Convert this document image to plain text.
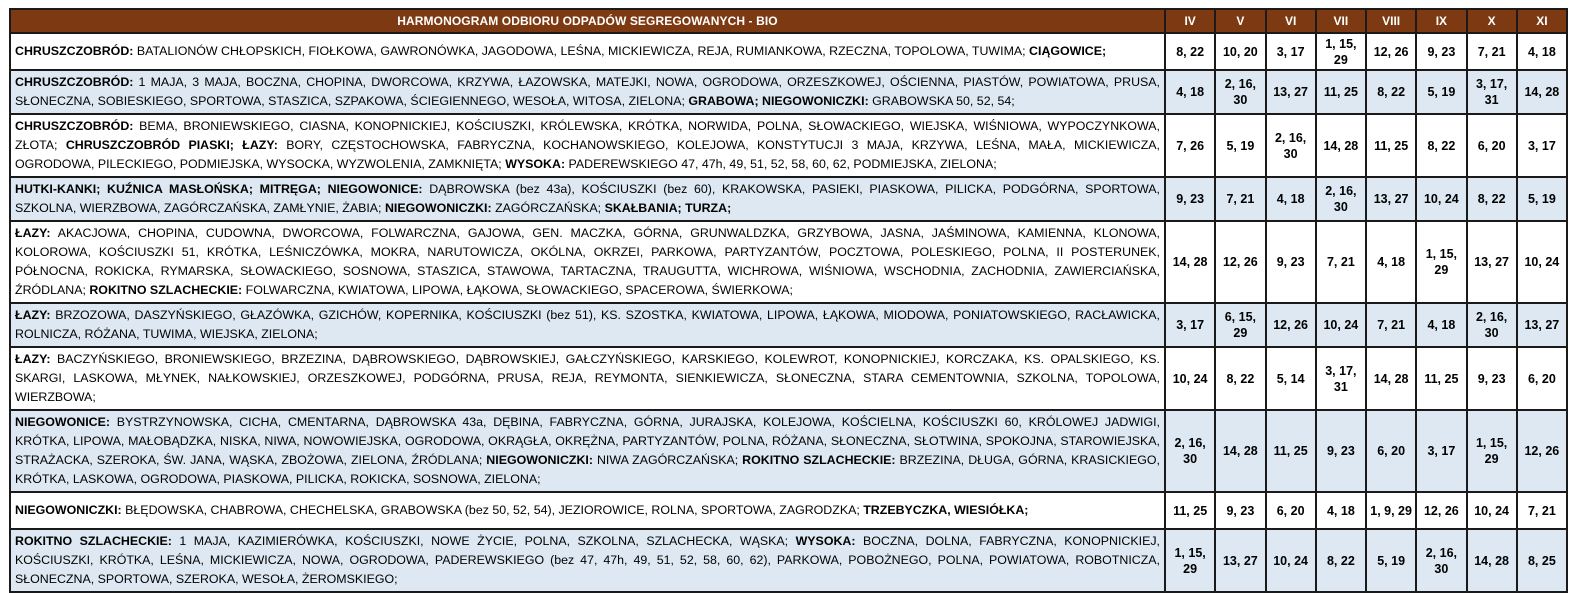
HARMONOGRAM ODBIORU ODPADÓW SEGREGOWANYCH - BIO	IV	V	VI	VII	VIII	IX	X	XI
CHRUSZCZOBRÓD: BATALIONÓW CHŁOPSKICH, FIOŁKOWA, GAWRONÓWKA, JAGODOWA, LEŚNA, MICKIEWICZA, REJA, RUMIANKOWA, RZECZNA, TOPOLOWA, TUWIMA; CIĄGOWICE;	8, 22	10, 20	3, 17	1, 15, 29	12, 26	9, 23	7, 21	4, 18
CHRUSZCZOBRÓD: 1 MAJA, 3 MAJA, BOCZNA, CHOPINA, DWORCOWA, KRZYWA, ŁAZOWSKA, MATEJKI, NOWA, OGRODOWA, ORZESZKOWEJ, OŚCIENNA, PIASTÓW, POWIATOWA, PRUSA, SŁONECZNA, SOBIESKIEGO, SPORTOWA, STASZICA, SZPAKOWA, ŚCIEGIENNEGO, WESOŁA, WITOSA, ZIELONA; GRABOWA; NIEGOWONICZKI: GRABOWSKA 50, 52, 54;	4, 18	2, 16, 30	13, 27	11, 25	8, 22	5, 19	3, 17, 31	14, 28
CHRUSZCZOBRÓD: BEMA, BRONIEWSKIEGO, CIASNA, KONOPNICKIEJ, KOŚCIUSZKI, KRÓLEWSKA, KRÓTKA, NORWIDA, POLNA, SŁOWACKIEGO, WIEJSKA, WIŚNIOWA, WYPOCZYNKOWA, ZŁOTA; CHRUSZCZOBRÓD PIASKI; ŁAZY: BORY, CZĘSTOCHOWSKA, FABRYCZNA, KOCHANOWSKIEGO, KOLEJOWA, KONSTYTUCJI 3 MAJA, KRZYWA, LEŚNA, MAŁA, MICKIEWICZA, OGRODOWA, PILECKIEGO, PODMIEJSKA, WYSOCKA, WYZWOLENIA, ZAMKNIĘTA; WYSOKA: PADEREWSKIEGO 47, 47h, 49, 51, 52, 58, 60, 62, PODMIEJSKA, ZIELONA;	7, 26	5, 19	2, 16, 30	14, 28	11, 25	8, 22	6, 20	3, 17
HUTKI-KANKI; KUŹNICA MASŁOŃSKA; MITRĘGA; NIEGOWONICE: DĄBROWSKA (bez 43a), KOŚCIUSZKI (bez 60), KRAKOWSKA, PASIEKI, PIASKOWA, PILICKA, PODGÓRNA, SPORTOWA, SZKOLNA, WIERZBOWA, ZAGÓRCZAŃSKA, ZAMŁYNIE, ŻABIA; NIEGOWONICZKI: ZAGÓRCZAŃSKA; SKAŁBANIA; TURZA;	9, 23	7, 21	4, 18	2, 16, 30	13, 27	10, 24	8, 22	5, 19
ŁAZY: AKACJOWA, CHOPINA, CUDOWNA, DWORCOWA, FOLWARCZNA, GAJOWA, GEN. MACZKA, GÓRNA, GRUNWALDZKA, GRZYBOWA, JASNA, JAŚMINOWA, KAMIENNA, KLONOWA, KOLOROWA, KOŚCIUSZKI 51, KRÓTKA, LEŚNICZÓWKA, MOKRA, NARUTOWICZA, OKÓLNA, OKRZEI, PARKOWA, PARTYZANTÓW, POCZTOWA, POLESKIEGO, POLNA, II POSTERUNEK, PÓŁNOCNA, ROKICKA, RYMARSKA, SŁOWACKIEGO, SOSNOWA, STASZICA, STAWOWA, TARTACZNA, TRAUGUTTA, WICHROWA, WIŚNIOWA, WSCHODNIA, ZACHODNIA, ZAWIERCIAŃSKA, ŹRÓDLANA; ROKITNO SZLACHECKIE: FOLWARCZNA, KWIATOWA, LIPOWA, ŁĄKOWA, SŁOWACKIEGO, SPACEROWA, ŚWIERKOWA;	14, 28	12, 26	9, 23	7, 21	4, 18	1, 15, 29	13, 27	10, 24
ŁAZY: BRZOZOWA, DASZYŃSKIEGO, GŁAZÓWKA, GZICHÓW, KOPERNIKA, KOŚCIUSZKI (bez 51), KS. SZOSTKA, KWIATOWA, LIPOWA, ŁĄKOWA, MIODOWA, PONIATOWSKIEGO, RACŁAWICKA, ROLNICZA, RÓŻANA, TUWIMA, WIEJSKA, ZIELONA;	3, 17	6, 15, 29	12, 26	10, 24	7, 21	4, 18	2, 16, 30	13, 27
ŁAZY: BACZYŃSKIEGO, BRONIEWSKIEGO, BRZEZINA, DĄBROWSKIEGO, DĄBROWSKIEJ, GAŁCZYŃSKIEGO, KARSKIEGO, KOLEWROT, KONOPNICKIEJ, KORCZAKA, KS. OPALSKIEGO, KS. SKARGI, LASKOWA, MŁYNEK, NAŁKOWSKIEJ, ORZESZKOWEJ, PODGÓRNA, PRUSA, REJA, REYMONTA, SIENKIEWICZA, SŁONECZNA, STARA CEMENTOWNIA, SZKOLNA, TOPOLOWA, WIERZBOWA;	10, 24	8, 22	5, 14	3, 17, 31	14, 28	11, 25	9, 23	6, 20
NIEGOWONICE: BYSTRZYNOWSKA, CICHA, CMENTARNA, DĄBROWSKA 43a, DĘBINA, FABRYCZNA, GÓRNA, JURAJSKA, KOLEJOWA, KOŚCIELNA, KOŚCIUSZKI 60, KRÓLOWEJ JADWIGI, KRÓTKA, LIPOWA, MAŁOBĄDZKA, NISKA, NIWA, NOWOWIEJSKA, OGRODOWA, OKRĄGŁA, OKRĘŻNA, PARTYZANTÓW, POLNA, RÓŻANA, SŁONECZNA, SŁOTWINA, SPOKOJNA, STAROWIEJSKA, STRAŻACKA, SZEROKA, ŚW. JANA, WĄSKA, ZBOŻOWA, ZIELONA, ŹRÓDLANA; NIEGOWONICZKI: NIWA ZAGÓRCZAŃSKA; ROKITNO SZLACHECKIE: BRZEZINA, DŁUGA, GÓRNA, KRASICKIEGO, KRÓTKA, LASKOWA, OGRODOWA, PIASKOWA, PILICKA, ROKICKA, SOSNOWA, ZIELONA;	2, 16, 30	14, 28	11, 25	9, 23	6, 20	3, 17	1, 15, 29	12, 26
NIEGOWONICZKI: BŁĘDOWSKA, CHABROWA, CHECHELSKA, GRABOWSKA (bez 50, 52, 54), JEZIOROWICE, ROLNA, SPORTOWA, ZAGRODZKA; TRZEBYCZKA, WIESIÓŁKA;	11, 25	9, 23	6, 20	4, 18	1, 9, 29	12, 26	10, 24	7, 21
ROKITNO SZLACHECKIE: 1 MAJA, KAZIMIERÓWKA, KOŚCIUSZKI, NOWE ŻYCIE, POLNA, SZKOLNA, SZLACHECKA, WĄSKA; WYSOKA: BOCZNA, DOLNA, FABRYCZNA, KONOPNICKIEJ, KOŚCIUSZKI, KRÓTKA, LEŚNA, MICKIEWICZA, NOWA, OGRODOWA, PADEREWSKIEGO (bez 47, 47h, 49, 51, 52, 58, 60, 62), PARKOWA, POBOŻNEGO, POLNA, POWIATOWA, ROBOTNICZA, SŁONECZNA, SPORTOWA, SZEROKA, WESOŁA, ŻEROMSKIEGO;	1, 15, 29	13, 27	10, 24	8, 22	5, 19	2, 16, 30	14, 28	8, 25
